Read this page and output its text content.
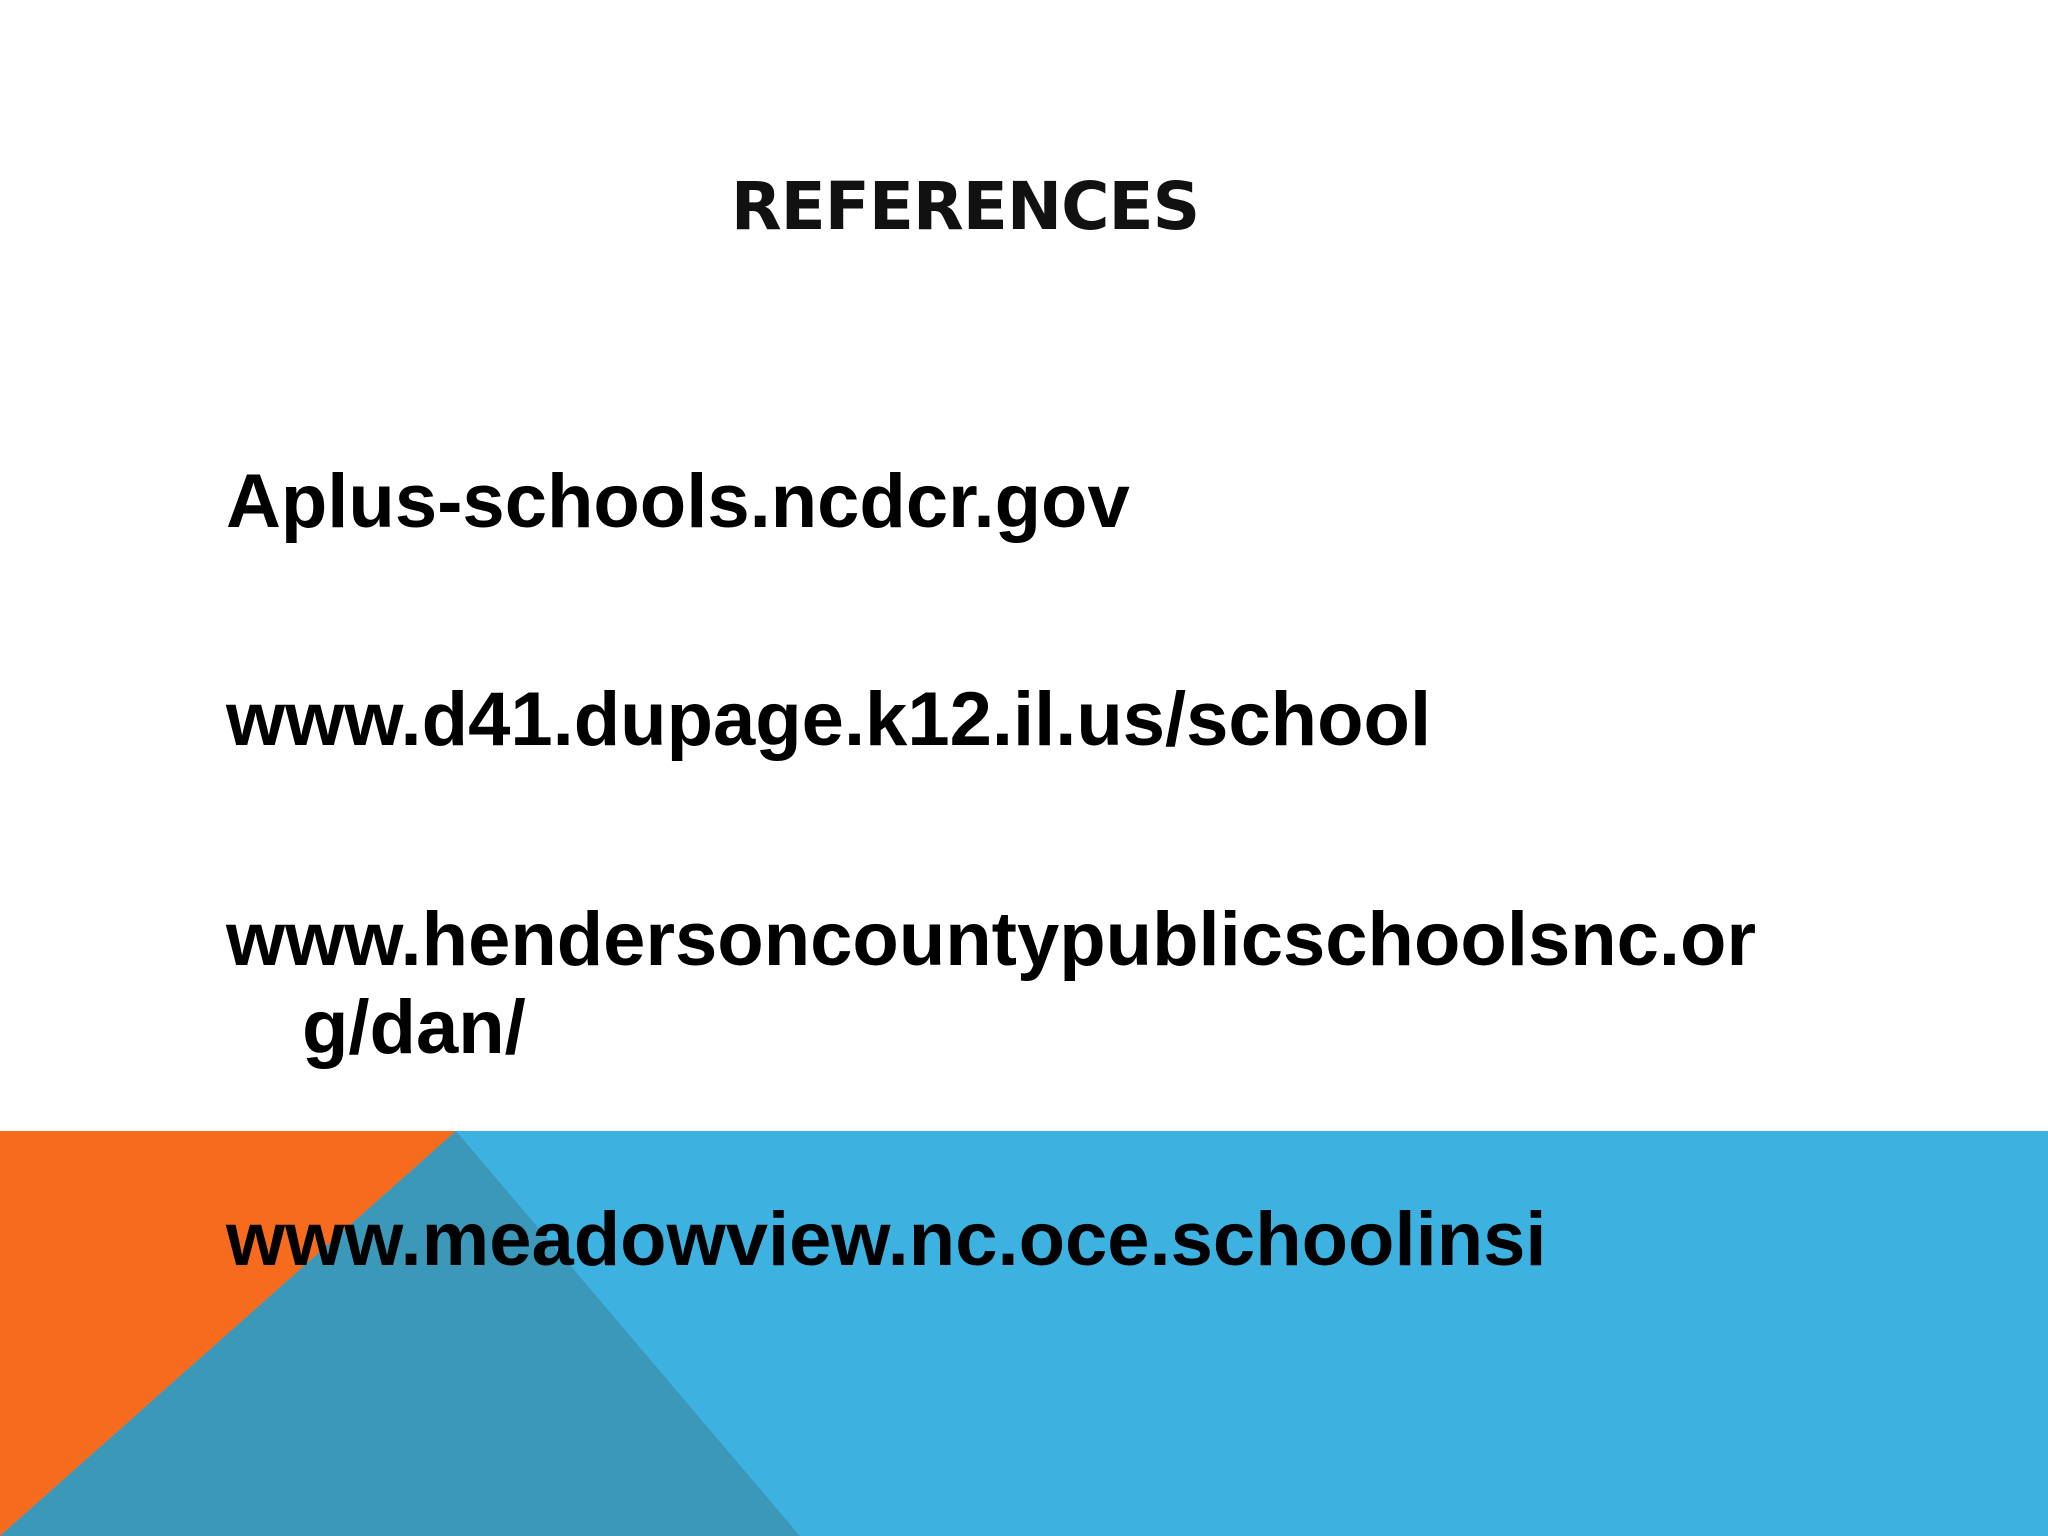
REFERENCES
Aplus-schools.ncdcr.gov
www.d41.dupage.k12.il.us/school
www.hendersoncountypublicschoolsnc.or
g/dan/
www.meadowview.nc.oce.schoolinsi
